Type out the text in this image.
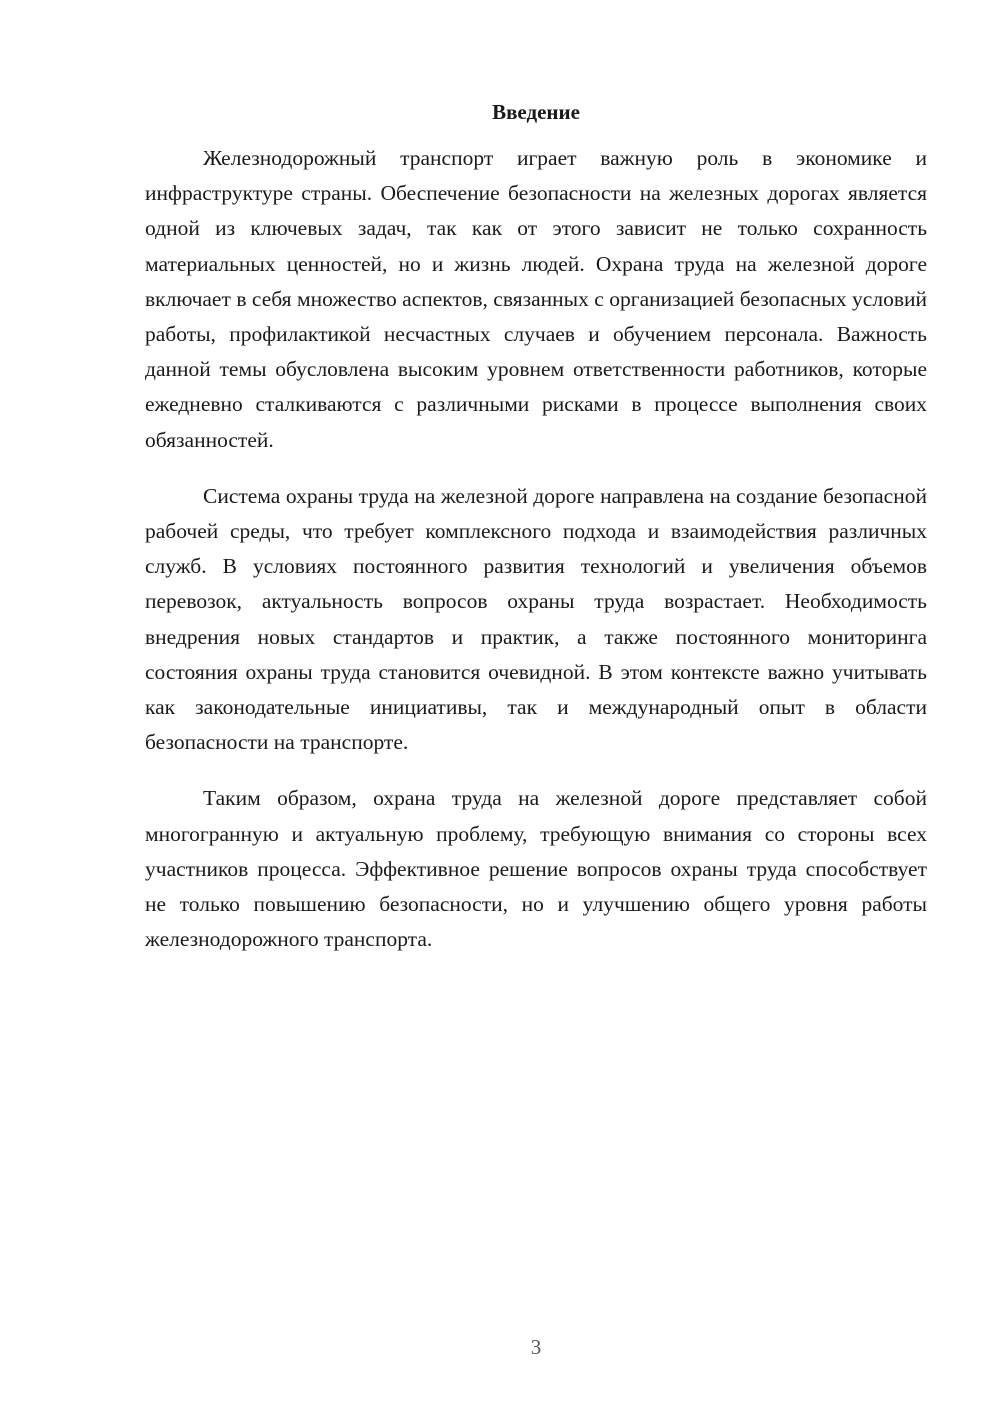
Введение

Железнодорожный транспорт играет важную роль в экономике и инфраструктуре страны. Обеспечение безопасности на железных дорогах является одной из ключевых задач, так как от этого зависит не только сохранность материальных ценностей, но и жизнь людей. Охрана труда на железной дороге включает в себя множество аспектов, связанных с организацией безопасных условий работы, профилактикой несчастных случаев и обучением персонала. Важность данной темы обусловлена высоким уровнем ответственности работников, которые ежедневно сталкиваются с различными рисками в процессе выполнения своих обязанностей.

Система охраны труда на железной дороге направлена на создание безопасной рабочей среды, что требует комплексного подхода и взаимодействия различных служб. В условиях постоянного развития технологий и увеличения объемов перевозок, актуальность вопросов охраны труда возрастает. Необходимость внедрения новых стандартов и практик, а также постоянного мониторинга состояния охраны труда становится очевидной. В этом контексте важно учитывать как законодательные инициативы, так и международный опыт в области безопасности на транспорте.

Таким образом, охрана труда на железной дороге представляет собой многогранную и актуальную проблему, требующую внимания со стороны всех участников процесса. Эффективное решение вопросов охраны труда способствует не только повышению безопасности, но и улучшению общего уровня работы железнодорожного транспорта.

3
